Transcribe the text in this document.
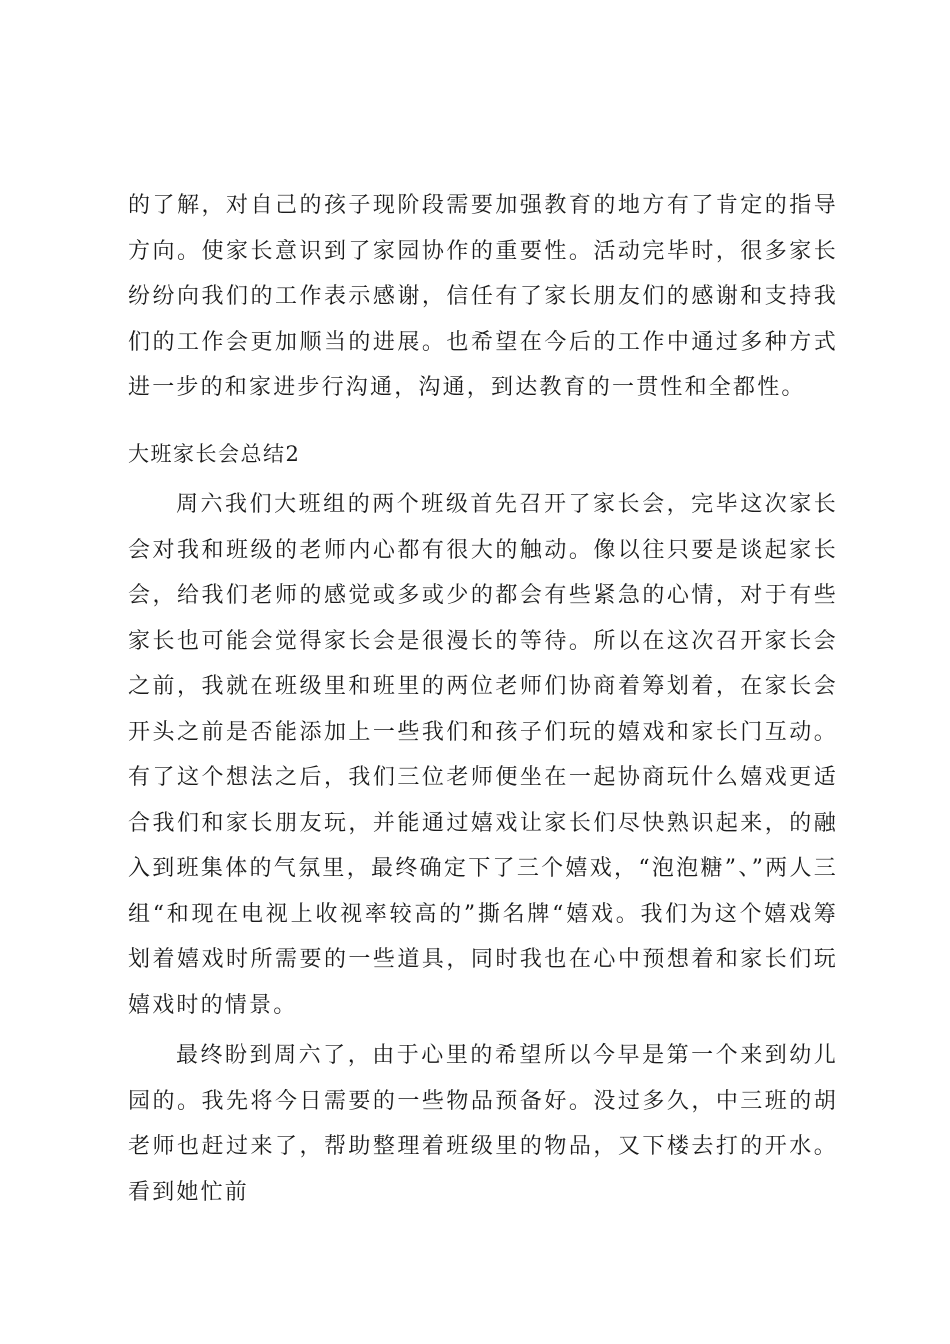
的了解，对自己的孩子现阶段需要加强教育的地方有了肯定的指导方向。使家长意识到了家园协作的重要性。活动完毕时，很多家长纷纷向我们的工作表示感谢，信任有了家长朋友们的感谢和支持我们的工作会更加顺当的进展。也希望在今后的工作中通过多种方式进一步的和家进步行沟通，沟通，到达教育的一贯性和全都性。

大班家长会总结2

周六我们大班组的两个班级首先召开了家长会，完毕这次家长会对我和班级的老师内心都有很大的触动。像以往只要是谈起家长会，给我们老师的感觉或多或少的都会有些紧急的心情，对于有些家长也可能会觉得家长会是很漫长的等待。所以在这次召开家长会之前，我就在班级里和班里的两位老师们协商着筹划着，在家长会开头之前是否能添加上一些我们和孩子们玩的嬉戏和家长门互动。有了这个想法之后，我们三位老师便坐在一起协商玩什么嬉戏更适合我们和家长朋友玩，并能通过嬉戏让家长们尽快熟识起来，的融入到班集体的气氛里，最终确定下了三个嬉戏，“泡泡糖”、”两人三组“和现在电视上收视率较高的”撕名牌“嬉戏。我们为这个嬉戏筹划着嬉戏时所需要的一些道具，同时我也在心中预想着和家长们玩嬉戏时的情景。

最终盼到周六了，由于心里的希望所以今早是第一个来到幼儿园的。我先将今日需要的一些物品预备好。没过多久，中三班的胡老师也赶过来了，帮助整理着班级里的物品，又下楼去打的开水。看到她忙前
